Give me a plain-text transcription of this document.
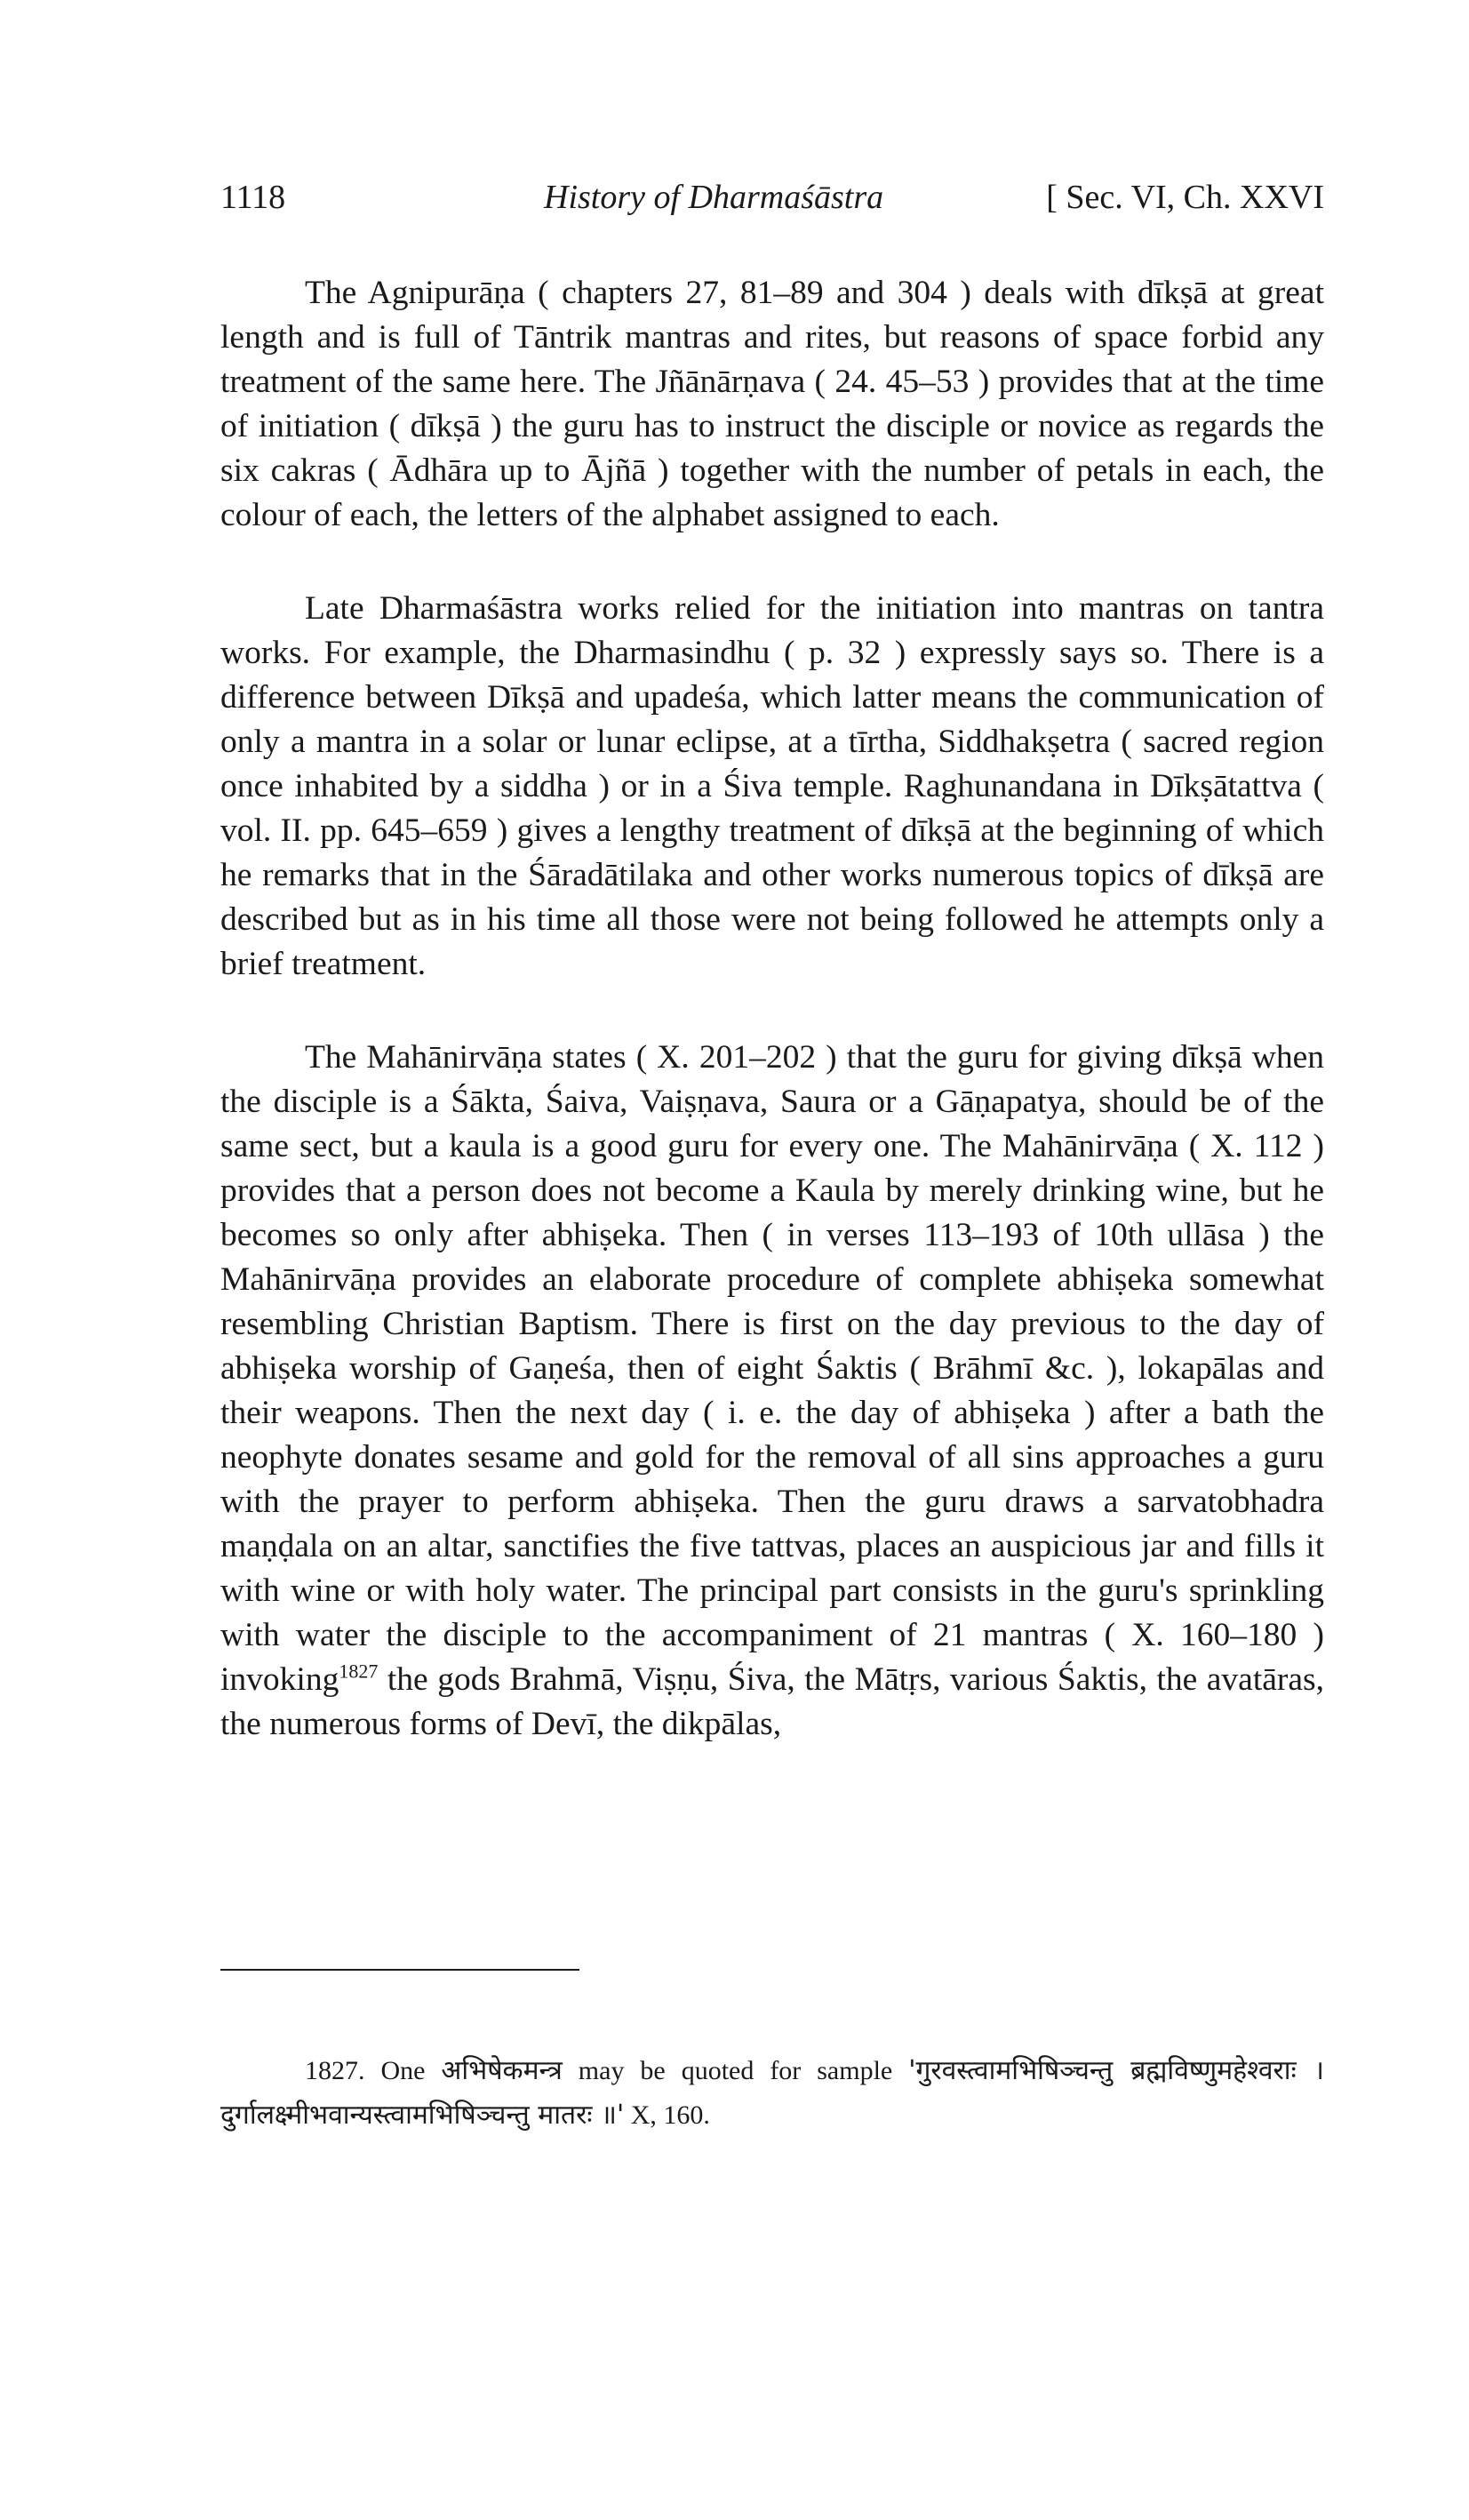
1118	History of Dharmaśāstra	[ Sec. VI, Ch. XXVI

The Agnipurāṇa ( chapters 27, 81–89 and 304 ) deals with dīkṣā at great length and is full of Tāntrik mantras and rites, but reasons of space forbid any treatment of the same here. The Jñānārṇava ( 24. 45–53 ) provides that at the time of initiation ( dīkṣā ) the guru has to instruct the disciple or novice as regards the six cakras ( Ādhāra up to Ājñā ) together with the number of petals in each, the colour of each, the letters of the alphabet assigned to each.

Late Dharmaśāstra works relied for the initiation into mantras on tantra works. For example, the Dharmasindhu ( p. 32 ) expressly says so. There is a difference between Dīkṣā and upadeśa, which latter means the communication of only a mantra in a solar or lunar eclipse, at a tīrtha, Siddhakṣetra ( sacred region once inhabited by a siddha ) or in a Śiva temple. Raghunandana in Dīkṣātattva ( vol. II. pp. 645–659 ) gives a lengthy treatment of dīkṣā at the beginning of which he remarks that in the Śāradātilaka and other works numerous topics of dīkṣā are described but as in his time all those were not being followed he attempts only a brief treatment.

The Mahānirvāṇa states ( X. 201–202 ) that the guru for giving dīkṣā when the disciple is a Śākta, Śaiva, Vaiṣṇava, Saura or a Gāṇapatya, should be of the same sect, but a kaula is a good guru for every one. The Mahānirvāṇa ( X. 112 ) provides that a person does not become a Kaula by merely drinking wine, but he becomes so only after abhiṣeka. Then ( in verses 113–193 of 10th ullāsa ) the Mahānirvāṇa provides an elaborate procedure of complete abhiṣeka somewhat resembling Christian Baptism. There is first on the day previous to the day of abhiṣeka worship of Gaṇeśa, then of eight Śaktis ( Brāhmī &c. ), lokapālas and their weapons. Then the next day ( i. e. the day of abhiṣeka ) after a bath the neophyte donates sesame and gold for the removal of all sins approaches a guru with the prayer to perform abhiṣeka. Then the guru draws a sarvatobhadra maṇḍala on an altar, sanctifies the five tattvas, places an auspicious jar and fills it with wine or with holy water. The principal part consists in the guru's sprinkling with water the disciple to the accompaniment of 21 mantras ( X. 160–180 ) invoking$^{1827}$ the gods Brahmā, Viṣṇu, Śiva, the Mātṛs, various Śaktis, the avatāras, the numerous forms of Devī, the dikpālas,

1827. One अभिषेकमन्त्र may be quoted for sample 'गुरवस्त्वामभिषिञ्चन्तु ब्रह्मविष्णुमहेश्वराः । दुर्गालक्ष्मीभवान्यस्त्वामभिषिञ्चन्तु मातरः ॥' X, 160.
